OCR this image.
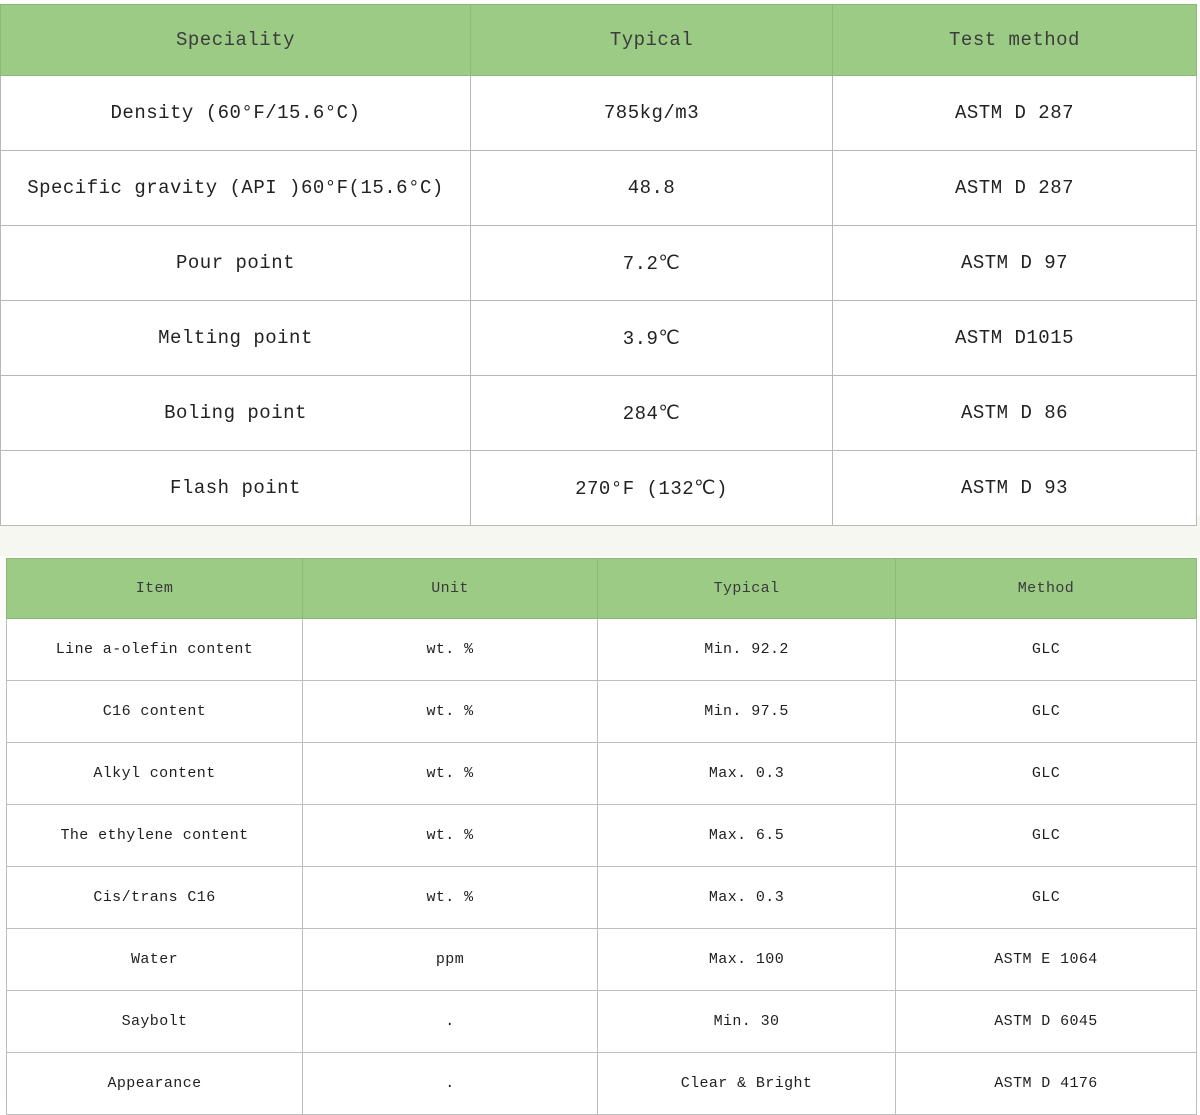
Speciality	Typical	Test method
Density (60°F/15.6°C)	785kg/m3	ASTM D 287
Specific gravity (API )60°F(15.6°C)	48.8	ASTM D 287
Pour point	7.2℃	ASTM D 97
Melting point	3.9℃	ASTM D1015
Boling point	284℃	ASTM D 86
Flash point	270°F (132℃)	ASTM D 93
Item	Unit	Typical	Method
Line a-olefin content	wt. %	Min. 92.2	GLC
C16 content	wt. %	Min. 97.5	GLC
Alkyl content	wt. %	Max. 0.3	GLC
The ethylene content	wt. %	Max. 6.5	GLC
Cis/trans C16	wt. %	Max. 0.3	GLC
Water	ppm	Max. 100	ASTM E 1064
Saybolt	.	Min. 30	ASTM D 6045
Appearance	.	Clear & Bright	ASTM D 4176
